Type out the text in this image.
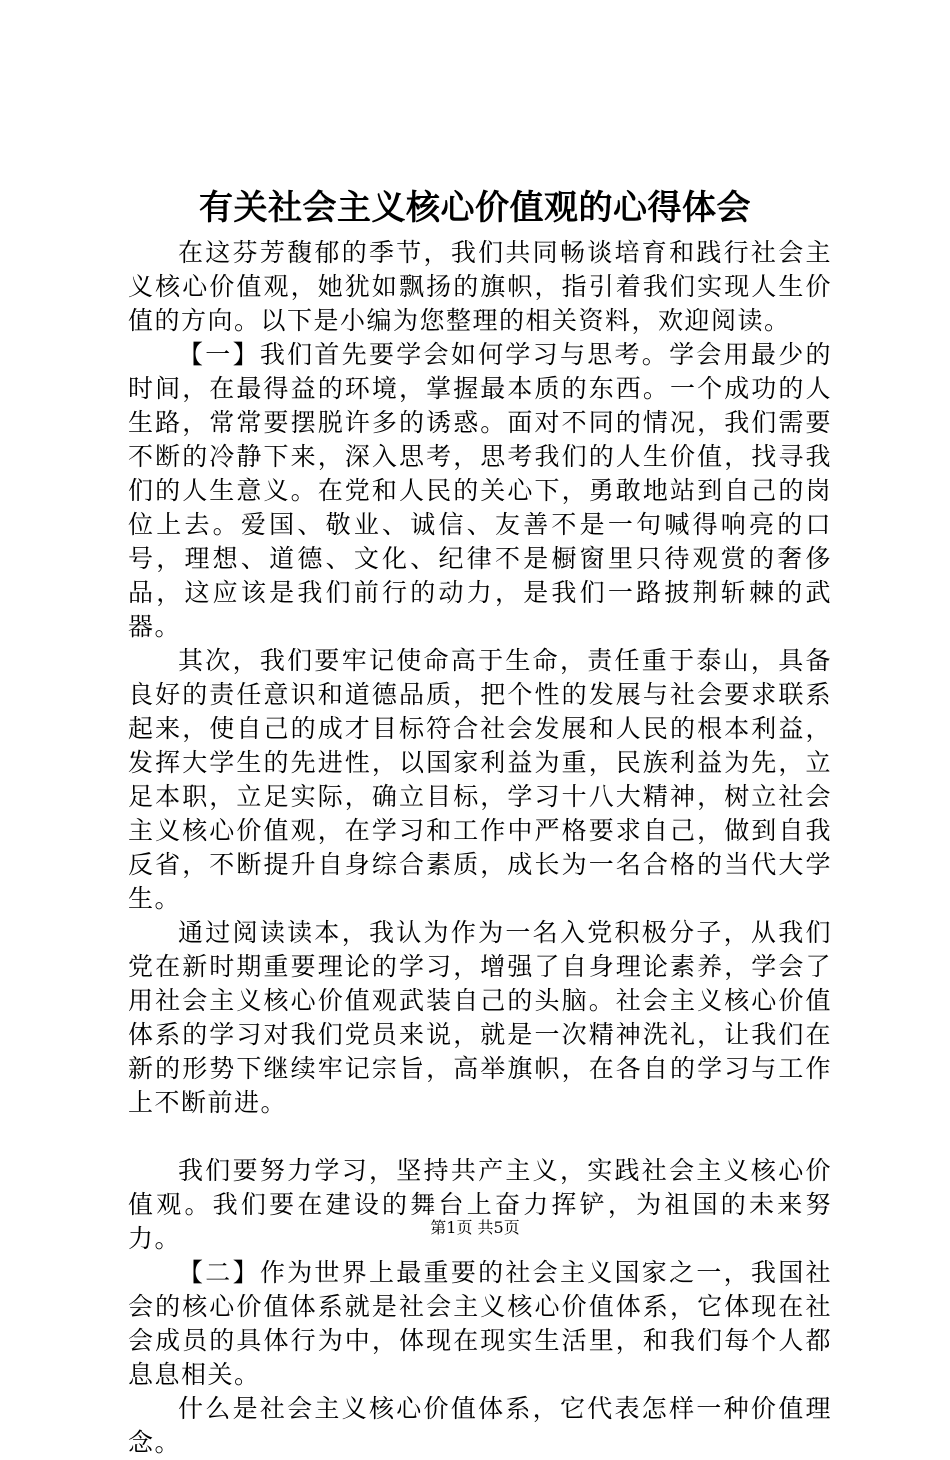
有关社会主义核心价值观的心得体会

在这芬芳馥郁的季节，我们共同畅谈培育和践行社会主义核心价值观，她犹如飘扬的旗帜，指引着我们实现人生价值的方向。以下是小编为您整理的相关资料，欢迎阅读。

【一】我们首先要学会如何学习与思考。学会用最少的时间，在最得益的环境，掌握最本质的东西。一个成功的人生路，常常要摆脱许多的诱惑。面对不同的情况，我们需要不断的冷静下来，深入思考，思考我们的人生价值，找寻我们的人生意义。在党和人民的关心下，勇敢地站到自己的岗位上去。爱国、敬业、诚信、友善不是一句喊得响亮的口号，理想、道德、文化、纪律不是橱窗里只待观赏的奢侈品，这应该是我们前行的动力，是我们一路披荆斩棘的武器。

其次，我们要牢记使命高于生命，责任重于泰山，具备良好的责任意识和道德品质，把个性的发展与社会要求联系起来，使自己的成才目标符合社会发展和人民的根本利益，发挥大学生的先进性，以国家利益为重，民族利益为先，立足本职，立足实际，确立目标，学习十八大精神，树立社会主义核心价值观，在学习和工作中严格要求自己，做到自我反省，不断提升自身综合素质，成长为一名合格的当代大学生。

通过阅读读本，我认为作为一名入党积极分子，从我们党在新时期重要理论的学习，增强了自身理论素养，学会了用社会主义核心价值观武装自己的头脑。社会主义核心价值体系的学习对我们党员来说，就是一次精神洗礼，让我们在新的形势下继续牢记宗旨，高举旗帜，在各自的学习与工作上不断前进。

我们要努力学习，坚持共产主义，实践社会主义核心价值观。我们要在建设的舞台上奋力挥铲，为祖国的未来努力。

【二】作为世界上最重要的社会主义国家之一，我国社会的核心价值体系就是社会主义核心价值体系，它体现在社会成员的具体行为中，体现在现实生活里，和我们每个人都息息相关。

什么是社会主义核心价值体系，它代表怎样一种价值理念。

第1页 共5页
